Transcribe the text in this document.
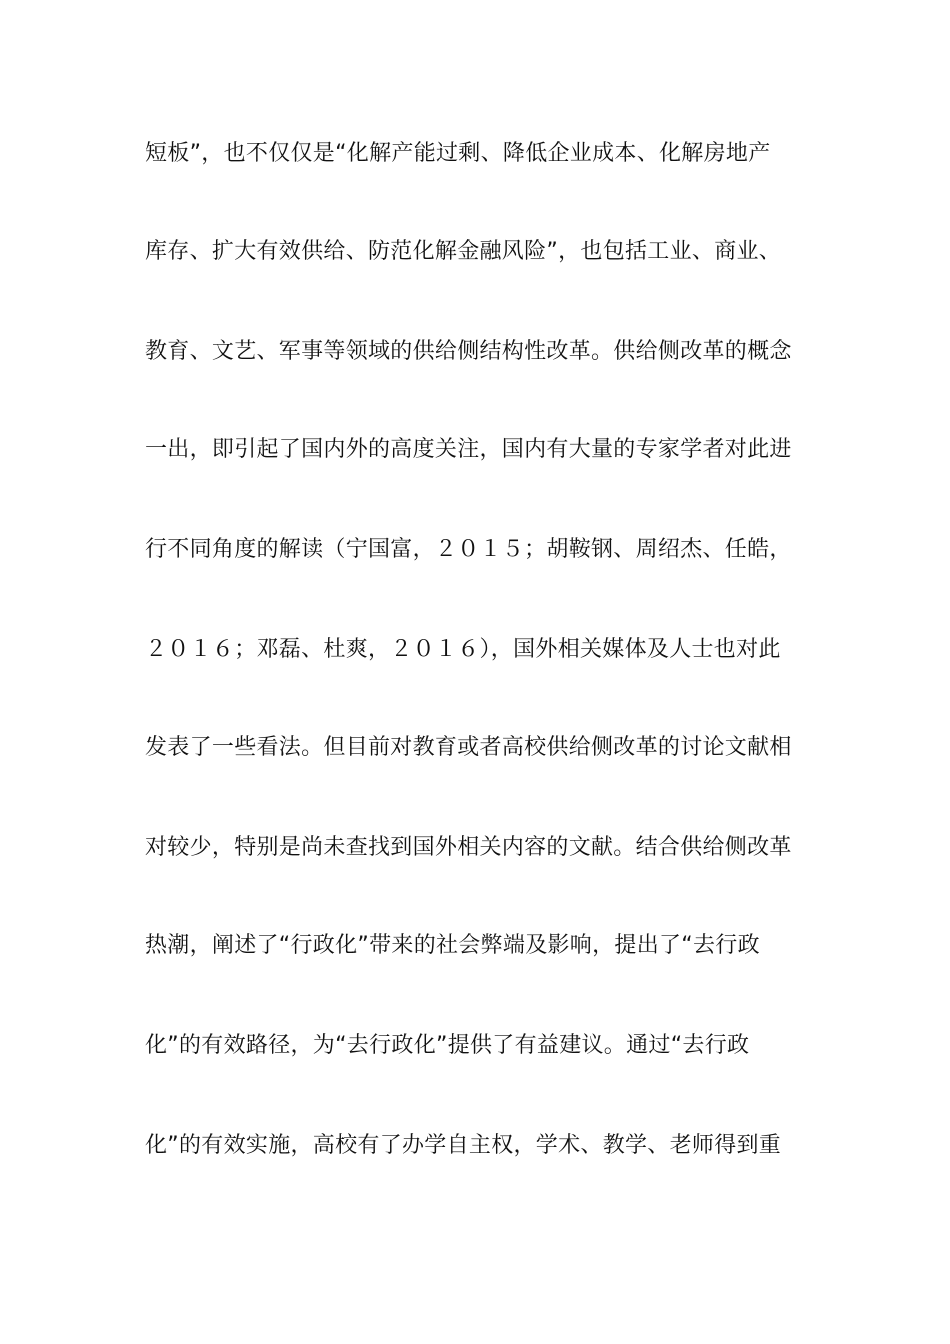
短板”，也不仅仅是“化解产能过剩、降低企业成本、化解房地产
库存、扩大有效供给、防范化解金融风险”，也包括工业、商业、
教育、文艺、军事等领域的供给侧结构性改革。供给侧改革的概念
一出，即引起了国内外的高度关注，国内有大量的专家学者对此进
行不同角度的解读（宁国富，２０１５；胡鞍钢、周绍杰、任皓，
２０１６；邓磊、杜爽，２０１６），国外相关媒体及人士也对此
发表了一些看法。但目前对教育或者高校供给侧改革的讨论文献相
对较少，特别是尚未查找到国外相关内容的文献。结合供给侧改革
热潮，阐述了“行政化”带来的社会弊端及影响，提出了“去行政
化”的有效路径，为“去行政化”提供了有益建议。通过“去行政
化”的有效实施，高校有了办学自主权，学术、教学、老师得到重
